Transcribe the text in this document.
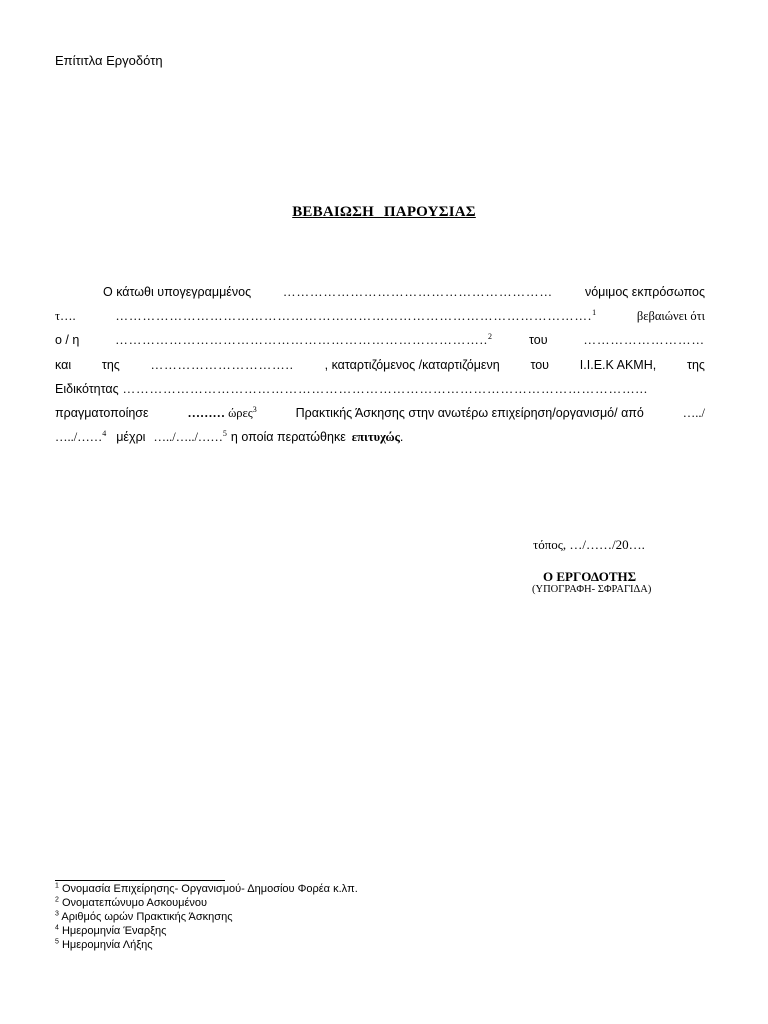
Επίτιτλα Εργοδότη
ΒΕΒΑΙΩΣΗ ΠΑΡΟΥΣΙΑΣ
Ο κάτωθι υπογεγραμμένος	……………………………………………………	νόμιμος εκπρόσωπος
τ….	…………………………………………………………………………………………….$^1$	βεβαιώνει ότι
ο / η	………………………………………………………………………..$^2$	του	………………………
και της ………………………….. , καταρτιζόμενος /καταρτιζόμενη του Ι.Ι.Ε.Κ ΑΚΜΗ, της
Ειδικότητας ……………………………………………………………………………………………………...
πραγματοποίησε	……… ώρες$^3$	Πρακτικής Άσκησης στην ανωτέρω επιχείρηση/οργανισμό/ από	…../
…../……$^4$ μέχρι …../…../……$^5$ η οποία περατώθηκε επιτυχώς .
τόπος, …/……/20….
Ο ΕΡΓΟΔΟΤΗΣ
(ΥΠΟΓΡΑΦΗ- ΣΦΡΑΓΙΔΑ)
$^1$ Ονομασία Επιχείρησης- Οργανισμού- Δημοσίου Φορέα κ.λπ.
$^2$ Ονοματεπώνυμο Ασκουμένου
$^3$ Αριθμός ωρών Πρακτικής Άσκησης
$^4$ Ημερομηνία Έναρξης
$^5$ Ημερομηνία Λήξης
